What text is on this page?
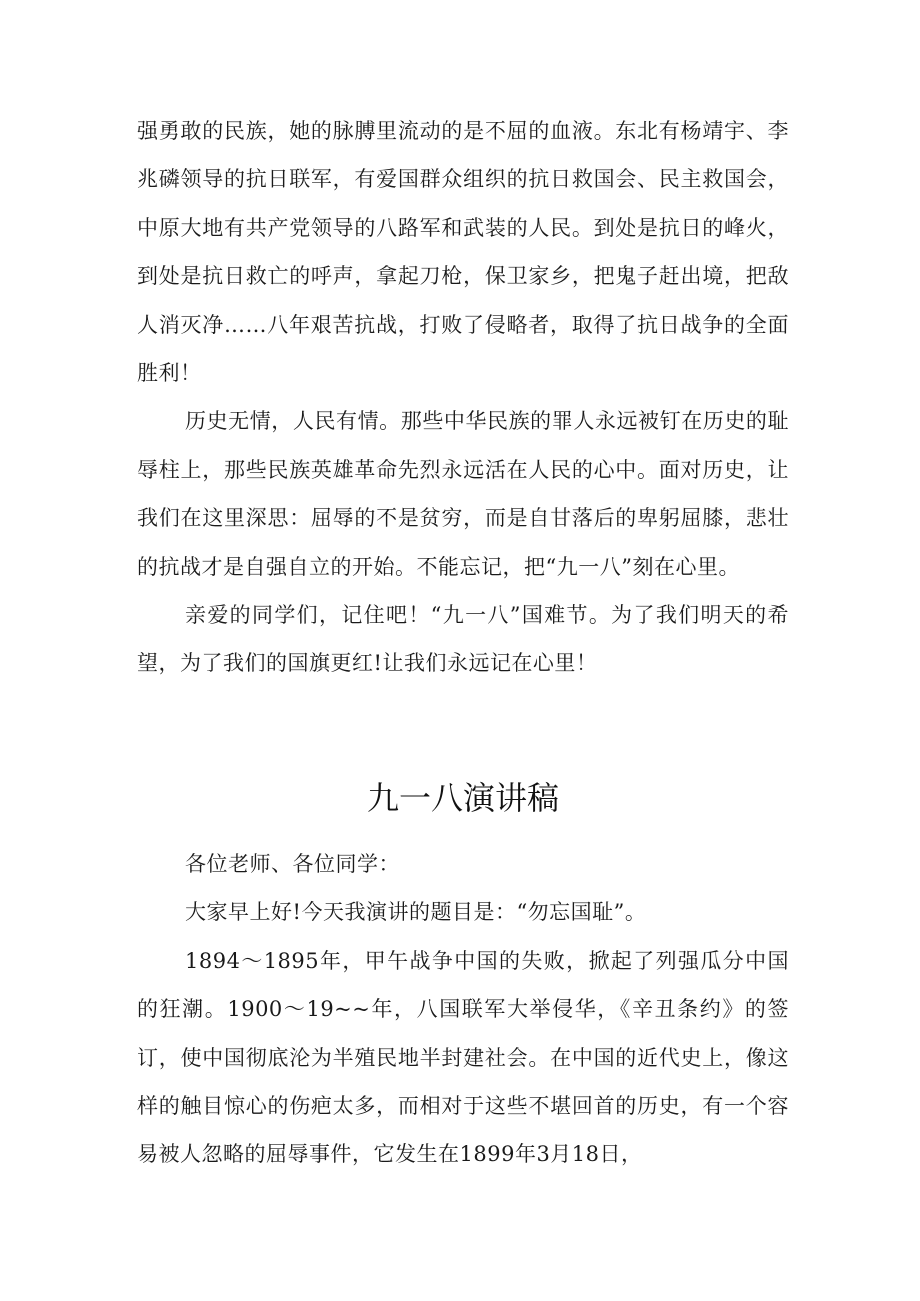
强勇敢的民族，她的脉膊里流动的是不屈的血液。东北有杨靖宇、李兆磷领导的抗日联军，有爱国群众组织的抗日救国会、民主救国会，中原大地有共产党领导的八路军和武装的人民。到处是抗日的峰火，到处是抗日救亡的呼声，拿起刀枪，保卫家乡，把鬼子赶出境，把敌人消灭净……八年艰苦抗战，打败了侵略者，取得了抗日战争的全面胜利！

历史无情，人民有情。那些中华民族的罪人永远被钉在历史的耻辱柱上，那些民族英雄革命先烈永远活在人民的心中。面对历史，让我们在这里深思：屈辱的不是贫穷，而是自甘落后的卑躬屈膝，悲壮的抗战才是自强自立的开始。不能忘记，把“九一八”刻在心里。

亲爱的同学们，记住吧！“九一八”国难节。为了我们明天的希望，为了我们的国旗更红!让我们永远记在心里！

九一八演讲稿

各位老师、各位同学：

大家早上好!今天我演讲的题目是：“勿忘国耻”。

1894～1895年，甲午战争中国的失败，掀起了列强瓜分中国的狂潮。1900～19~~年，八国联军大举侵华，《辛丑条约》的签订，使中国彻底沦为半殖民地半封建社会。在中国的近代史上，像这样的触目惊心的伤疤太多，而相对于这些不堪回首的历史，有一个容易被人忽略的屈辱事件，它发生在1899年3月18日，
